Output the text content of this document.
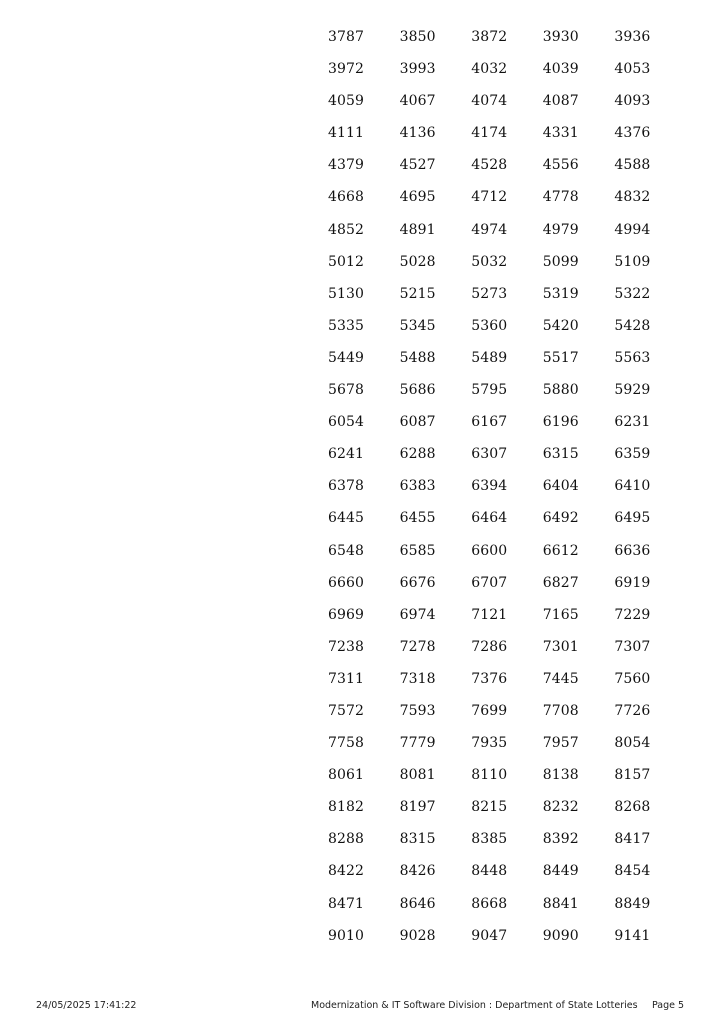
3787	3850	3872	3930	3936
3972	3993	4032	4039	4053
4059	4067	4074	4087	4093
4111	4136	4174	4331	4376
4379	4527	4528	4556	4588
4668	4695	4712	4778	4832
4852	4891	4974	4979	4994
5012	5028	5032	5099	5109
5130	5215	5273	5319	5322
5335	5345	5360	5420	5428
5449	5488	5489	5517	5563
5678	5686	5795	5880	5929
6054	6087	6167	6196	6231
6241	6288	6307	6315	6359
6378	6383	6394	6404	6410
6445	6455	6464	6492	6495
6548	6585	6600	6612	6636
6660	6676	6707	6827	6919
6969	6974	7121	7165	7229
7238	7278	7286	7301	7307
7311	7318	7376	7445	7560
7572	7593	7699	7708	7726
7758	7779	7935	7957	8054
8061	8081	8110	8138	8157
8182	8197	8215	8232	8268
8288	8315	8385	8392	8417
8422	8426	8448	8449	8454
8471	8646	8668	8841	8849
9010	9028	9047	9090	9141
24/05/2025 17:41:22	Modernization & IT Software Division : Department of State Lotteries Page 5
